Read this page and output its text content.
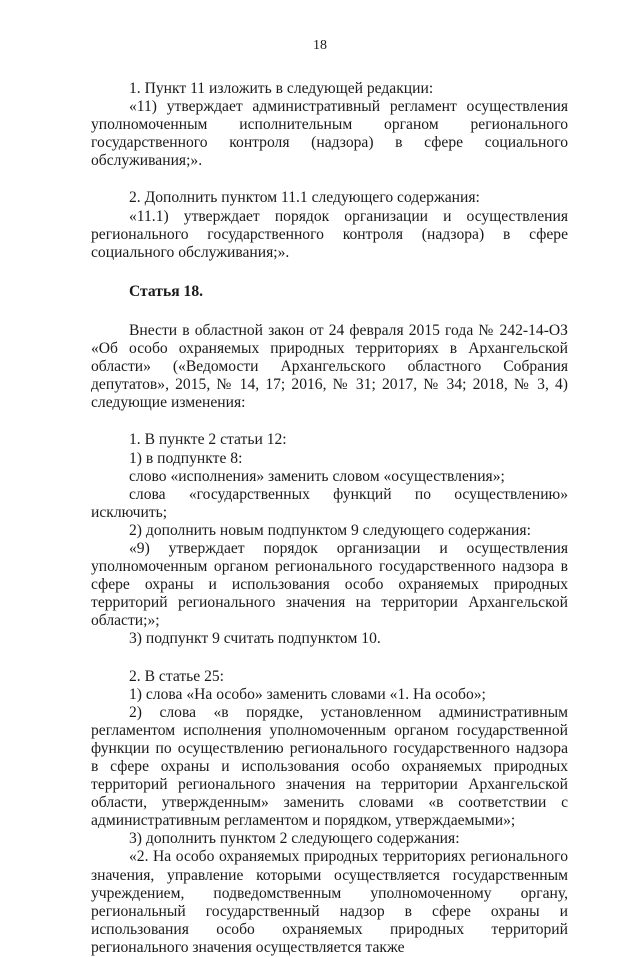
18

1. Пункт 11 изложить в следующей редакции:

«11) утверждает административный регламент осуществления уполномоченным исполнительным органом регионального государственного контроля (надзора) в сфере социального обслуживания;».

2. Дополнить пунктом 11.1 следующего содержания:

«11.1) утверждает порядок организации и осуществления регионального государственного контроля (надзора) в сфере социального обслуживания;».

Статья 18.

Внести в областной закон от 24 февраля 2015 года № 242-14-ОЗ «Об особо охраняемых природных территориях в Архангельской области» («Ведомости Архангельского областного Собрания депутатов», 2015, № 14, 17; 2016, № 31; 2017, № 34; 2018, № 3, 4) следующие изменения:

1. В пункте 2 статьи 12:

1) в подпункте 8:

слово «исполнения» заменить словом «осуществления»;

слова «государственных функций по осуществлению» исключить;

2) дополнить новым подпунктом 9 следующего содержания:

«9) утверждает порядок организации и осуществления уполномоченным органом регионального государственного надзора в сфере охраны и использования особо охраняемых природных территорий регионального значения на территории Архангельской области;»;

3) подпункт 9 считать подпунктом 10.

2. В статье 25:

1) слова «На особо» заменить словами «1. На особо»;

2) слова «в порядке, установленном административным регламентом исполнения уполномоченным органом государственной функции по осуществлению регионального государственного надзора в сфере охраны и использования особо охраняемых природных территорий регионального значения на территории Архангельской области, утвержденным» заменить словами «в соответствии с административным регламентом и порядком, утверждаемыми»;

3) дополнить пунктом 2 следующего содержания:

«2. На особо охраняемых природных территориях регионального значения, управление которыми осуществляется государственным учреждением, подведомственным уполномоченному органу, региональный государственный надзор в сфере охраны и использования особо охраняемых природных территорий регионального значения осуществляется также
